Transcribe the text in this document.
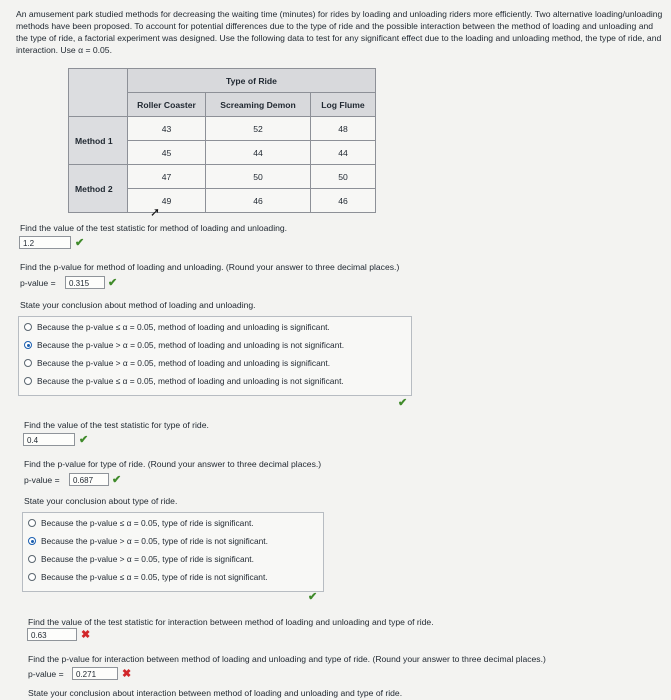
An amusement park studied methods for decreasing the waiting time (minutes) for rides by loading and unloading riders more efficiently. Two alternative loading/unloading methods have been proposed. To account for potential differences due to the type of ride and the possible interaction between the method of loading and unloading and the type of ride, a factorial experiment was designed. Use the following data to test for any significant effect due to the loading and unloading method, the type of ride, and interaction. Use α = 0.05.
	Type of Ride		
	Roller Coaster	Screaming Demon	Log Flume
Method 1	43	52	48
	45	44	44
Method 2	47	50	50
	49	46	46
➚
Find the value of the test statistic for method of loading and unloading.
1.2	✔
Find the p-value for method of loading and unloading. (Round your answer to three decimal places.)
p-value =	0.315	✔
State your conclusion about method of loading and unloading.
Because the p-value ≤ α = 0.05, method of loading and unloading is significant.
Because the p-value > α = 0.05, method of loading and unloading is not significant.
Because the p-value > α = 0.05, method of loading and unloading is significant.
Because the p-value ≤ α = 0.05, method of loading and unloading is not significant.
✔
Find the value of the test statistic for type of ride.
0.4	✔
Find the p-value for type of ride. (Round your answer to three decimal places.)
p-value =	0.687	✔
State your conclusion about type of ride.
Because the p-value ≤ α = 0.05, type of ride is significant.
Because the p-value > α = 0.05, type of ride is not significant.
Because the p-value > α = 0.05, type of ride is significant.
Because the p-value ≤ α = 0.05, type of ride is not significant.
✔
Find the value of the test statistic for interaction between method of loading and unloading and type of ride.
0.63	✖
Find the p-value for interaction between method of loading and unloading and type of ride. (Round your answer to three decimal places.)
p-value =	0.271	✖
State your conclusion about interaction between method of loading and unloading and type of ride.
